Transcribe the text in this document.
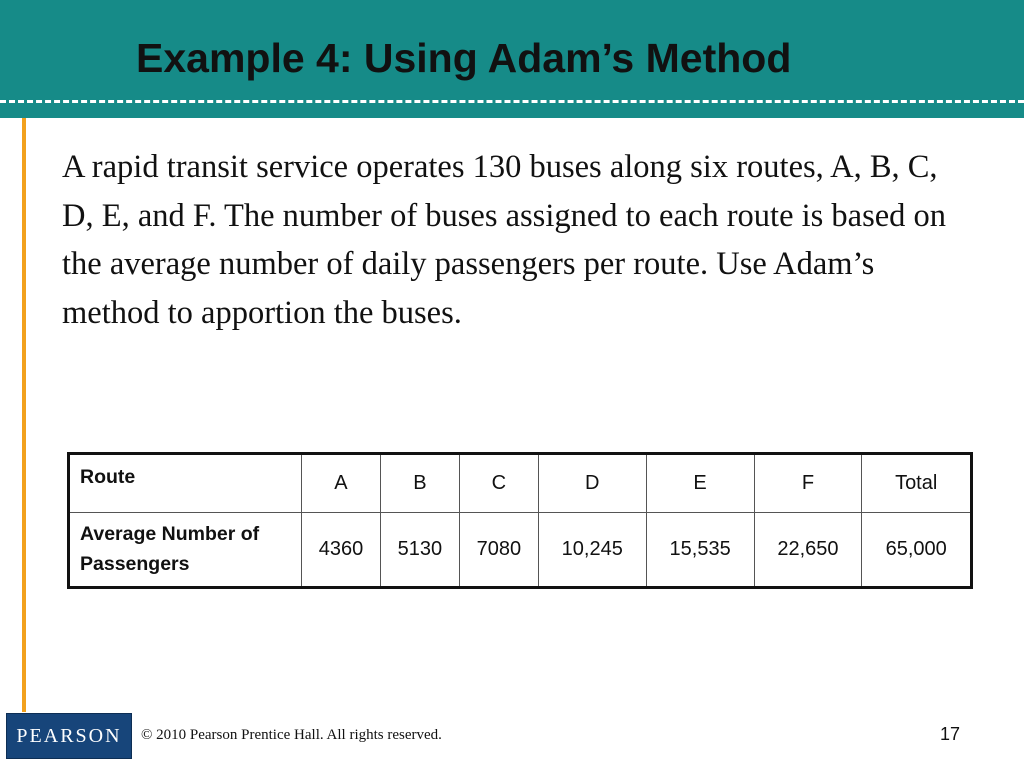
Example 4: Using Adam’s Method

A rapid transit service operates 130 buses along six routes, A, B, C, D, E, and F. The number of buses assigned to each route is based on the average number of daily passengers per route. Use Adam’s method to apportion the buses.

Route	A	B	C	D	E	F	Total
Average Number of Passengers	4360	5130	7080	10,245	15,535	22,650	65,000
PEARSON	© 2010 Pearson Prentice Hall. All rights reserved.	17
